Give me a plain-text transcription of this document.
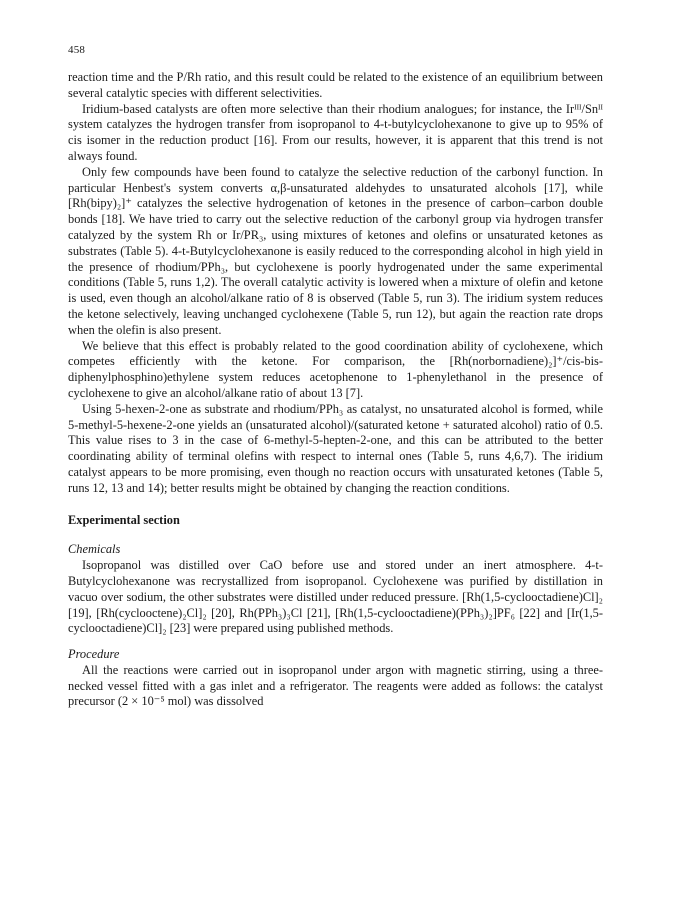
458

reaction time and the P/Rh ratio, and this result could be related to the existence of an equilibrium between several catalytic species with different selectivities.

Iridium-based catalysts are often more selective than their rhodium analogues; for instance, the Irᴵᴵᴵ/Snᴵᴵ system catalyzes the hydrogen transfer from isopropanol to 4-t-butylcyclohexanone to give up to 95% of cis isomer in the reduction product [16]. From our results, however, it is apparent that this trend is not always found.

Only few compounds have been found to catalyze the selective reduction of the carbonyl function. In particular Henbest's system converts α,β-unsaturated aldehydes to unsaturated alcohols [17], while [Rh(bipy)₂]⁺ catalyzes the selective hydrogenation of ketones in the presence of carbon–carbon double bonds [18]. We have tried to carry out the selective reduction of the carbonyl group via hydrogen transfer catalyzed by the system Rh or Ir/PR₃, using mixtures of ketones and olefins or unsaturated ketones as substrates (Table 5). 4-t-Butylcyclohexanone is easily reduced to the corresponding alcohol in high yield in the presence of rhodium/PPh₃, but cyclohexene is poorly hydrogenated under the same experimental conditions (Table 5, runs 1,2). The overall catalytic activity is lowered when a mixture of olefin and ketone is used, even though an alcohol/alkane ratio of 8 is observed (Table 5, run 3). The iridium system reduces the ketone selectively, leaving unchanged cyclohexene (Table 5, run 12), but again the reaction rate drops when the olefin is also present.

We believe that this effect is probably related to the good coordination ability of cyclohexene, which competes efficiently with the ketone. For comparison, the [Rh(norbornadiene)₂]⁺/cis-bis-diphenylphosphino)ethylene system reduces acetophenone to 1-phenylethanol in the presence of cyclohexene to give an alcohol/alkane ratio of about 13 [7].

Using 5-hexen-2-one as substrate and rhodium/PPh₃ as catalyst, no unsaturated alcohol is formed, while 5-methyl-5-hexene-2-one yields an (unsaturated alcohol)/(saturated ketone + saturated alcohol) ratio of 0.5. This value rises to 3 in the case of 6-methyl-5-hepten-2-one, and this can be attributed to the better coordinating ability of terminal olefins with respect to internal ones (Table 5, runs 4,6,7). The iridium catalyst appears to be more promising, even though no reaction occurs with unsaturated ketones (Table 5, runs 12, 13 and 14); better results might be obtained by changing the reaction conditions.

Experimental section

Chemicals

Isopropanol was distilled over CaO before use and stored under an inert atmosphere. 4-t-Butylcyclohexanone was recrystallized from isopropanol. Cyclohexene was purified by distillation in vacuo over sodium, the other substrates were distilled under reduced pressure. [Rh(1,5-cyclooctadiene)Cl]₂ [19], [Rh(cyclooctene)₂Cl]₂ [20], Rh(PPh₃)₃Cl [21], [Rh(1,5-cyclooctadiene)(PPh₃)₂]PF₆ [22] and [Ir(1,5-cyclooctadiene)Cl]₂ [23] were prepared using published methods.

Procedure

All the reactions were carried out in isopropanol under argon with magnetic stirring, using a three-necked vessel fitted with a gas inlet and a refrigerator. The reagents were added as follows: the catalyst precursor (2 × 10⁻⁵ mol) was dissolved
